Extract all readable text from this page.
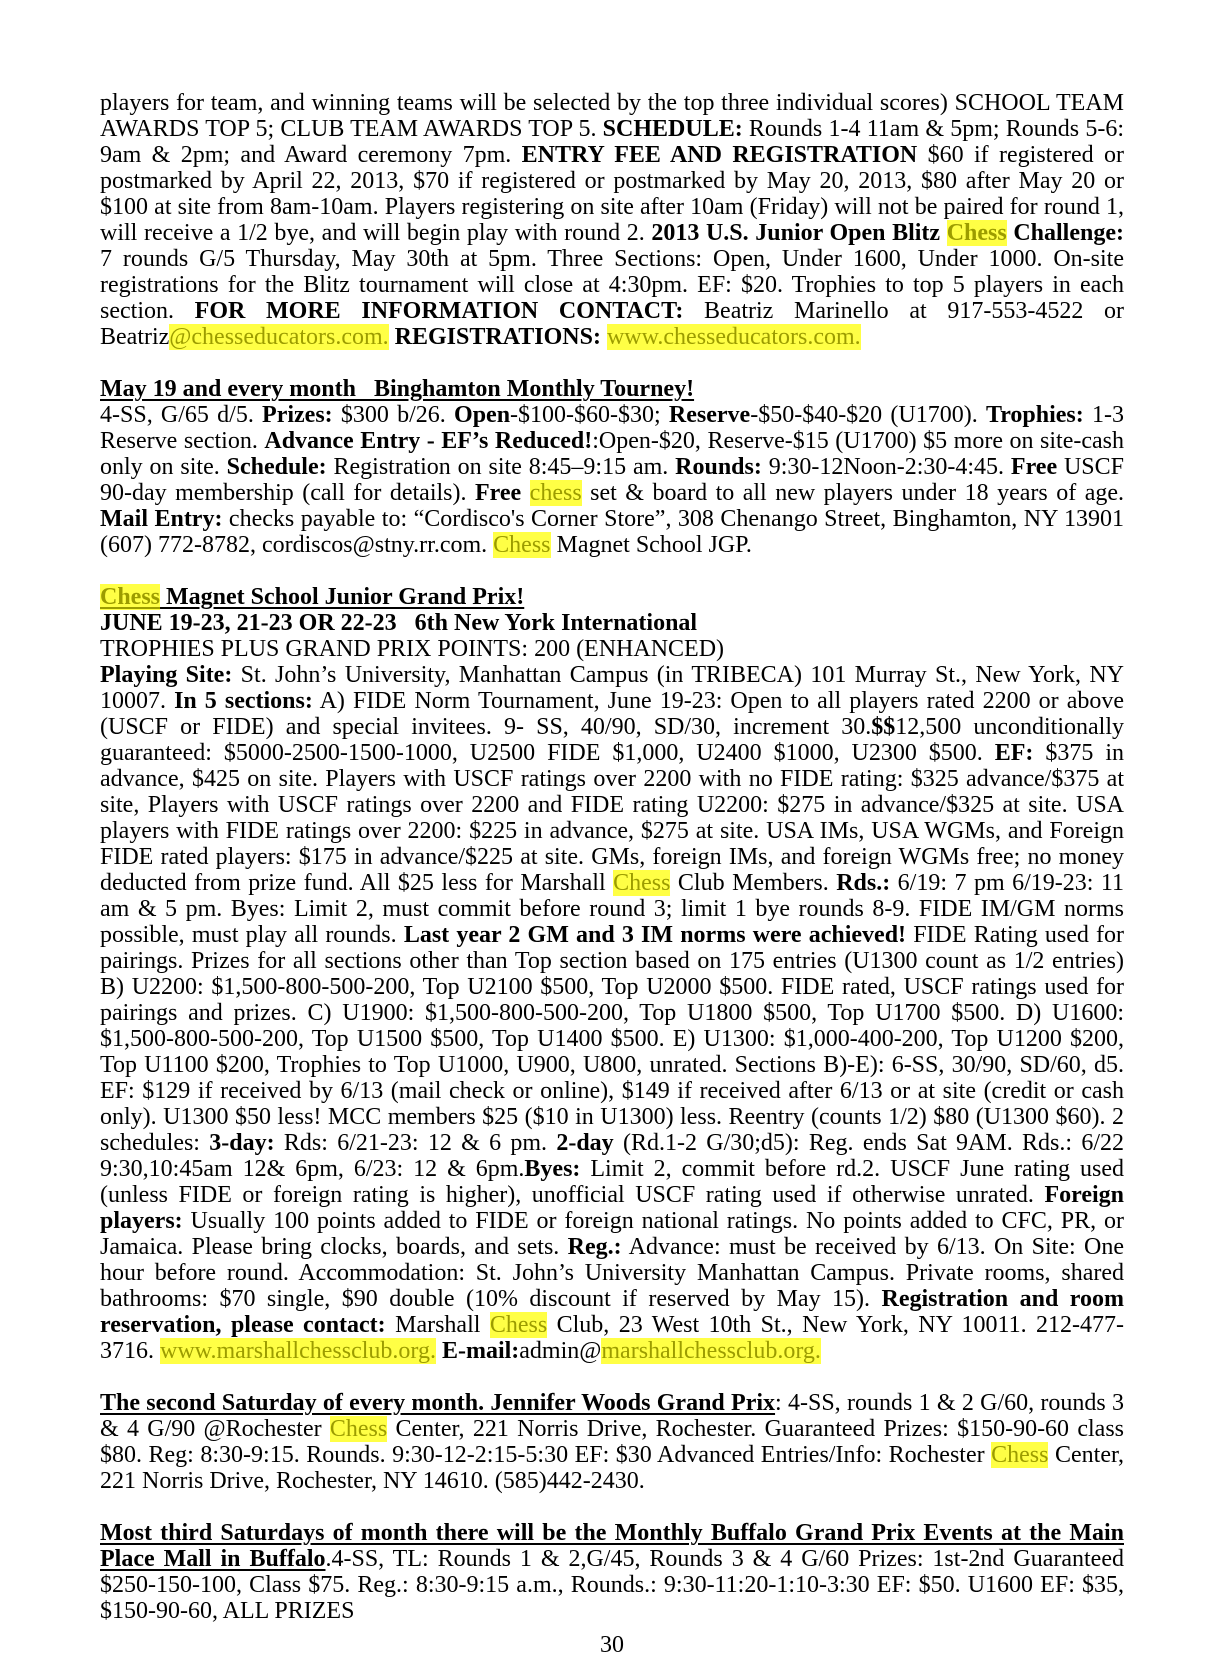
players for team, and winning teams will be selected by the top three individual scores) SCHOOL TEAM AWARDS TOP 5; CLUB TEAM AWARDS TOP 5. SCHEDULE: Rounds 1-4 11am & 5pm; Rounds 5-6: 9am & 2pm; and Award ceremony 7pm. ENTRY FEE AND REGISTRATION $60 if registered or postmarked by April 22, 2013, $70 if registered or postmarked by May 20, 2013, $80 after May 20 or $100 at site from 8am-10am. Players registering on site after 10am (Friday) will not be paired for round 1, will receive a 1/2 bye, and will begin play with round 2. 2013 U.S. Junior Open Blitz Chess Challenge: 7 rounds G/5 Thursday, May 30th at 5pm. Three Sections: Open, Under 1600, Under 1000. On-site registrations for the Blitz tournament will close at 4:30pm. EF: $20. Trophies to top 5 players in each section. FOR MORE INFORMATION CONTACT: Beatriz Marinello at 917-553-4522 or Beatriz@chesseducators.com. REGISTRATIONS: www.chesseducators.com.

May 19 and every month   Binghamton Monthly Tourney!

4-SS, G/65 d/5. Prizes: $300 b/26. Open-$100-$60-$30; Reserve-$50-$40-$20 (U1700). Trophies: 1-3 Reserve section. Advance Entry - EF’s Reduced!:Open-$20, Reserve-$15 (U1700) $5 more on site-cash only on site. Schedule: Registration on site 8:45–9:15 am. Rounds: 9:30-12Noon-2:30-4:45. Free USCF 90-day membership (call for details). Free chess set & board to all new players under 18 years of age. Mail Entry: checks payable to: “Cordisco's Corner Store”, 308 Chenango Street, Binghamton, NY 13901 (607) 772-8782, cordiscos@stny.rr.com. Chess Magnet School JGP.

Chess Magnet School Junior Grand Prix!

JUNE 19-23, 21-23 OR 22-23   6th New York International

TROPHIES PLUS GRAND PRIX POINTS: 200 (ENHANCED)

Playing Site: St. John’s University, Manhattan Campus (in TRIBECA) 101 Murray St., New York, NY 10007. In 5 sections: A) FIDE Norm Tournament, June 19-23: Open to all players rated 2200 or above (USCF or FIDE) and special invitees. 9- SS, 40/90, SD/30, increment 30.$$12,500 unconditionally guaranteed: $5000-2500-1500-1000, U2500 FIDE $1,000, U2400 $1000, U2300 $500. EF: $375 in advance, $425 on site. Players with USCF ratings over 2200 with no FIDE rating: $325 advance/$375 at site, Players with USCF ratings over 2200 and FIDE rating U2200: $275 in advance/$325 at site. USA players with FIDE ratings over 2200: $225 in advance, $275 at site. USA IMs, USA WGMs, and Foreign FIDE rated players: $175 in advance/$225 at site. GMs, foreign IMs, and foreign WGMs free; no money deducted from prize fund. All $25 less for Marshall Chess Club Members. Rds.: 6/19: 7 pm 6/19-23: 11 am & 5 pm. Byes: Limit 2, must commit before round 3; limit 1 bye rounds 8-9. FIDE IM/GM norms possible, must play all rounds. Last year 2 GM and 3 IM norms were achieved! FIDE Rating used for pairings. Prizes for all sections other than Top section based on 175 entries (U1300 count as 1/2 entries) B) U2200: $1,500-800-500-200, Top U2100 $500, Top U2000 $500. FIDE rated, USCF ratings used for pairings and prizes. C) U1900: $1,500-800-500-200, Top U1800 $500, Top U1700 $500. D) U1600: $1,500-800-500-200, Top U1500 $500, Top U1400 $500. E) U1300: $1,000-400-200, Top U1200 $200, Top U1100 $200, Trophies to Top U1000, U900, U800, unrated. Sections B)-E): 6-SS, 30/90, SD/60, d5. EF: $129 if received by 6/13 (mail check or online), $149 if received after 6/13 or at site (credit or cash only). U1300 $50 less! MCC members $25 ($10 in U1300) less. Reentry (counts 1/2) $80 (U1300 $60). 2 schedules: 3-day: Rds: 6/21-23: 12 & 6 pm. 2-day (Rd.1-2 G/30;d5): Reg. ends Sat 9AM. Rds.: 6/22 9:30,10:45am 12& 6pm, 6/23: 12 & 6pm.Byes: Limit 2, commit before rd.2. USCF June rating used (unless FIDE or foreign rating is higher), unofficial USCF rating used if otherwise unrated. Foreign players: Usually 100 points added to FIDE or foreign national ratings. No points added to CFC, PR, or Jamaica. Please bring clocks, boards, and sets. Reg.: Advance: must be received by 6/13. On Site: One hour before round. Accommodation: St. John’s University Manhattan Campus. Private rooms, shared bathrooms: $70 single, $90 double (10% discount if reserved by May 15). Registration and room reservation, please contact: Marshall Chess Club, 23 West 10th St., New York, NY 10011. 212-477-3716. www.marshallchessclub.org. E-mail:admin@marshallchessclub.org.

The second Saturday of every month. Jennifer Woods Grand Prix: 4-SS, rounds 1 & 2 G/60, rounds 3 & 4 G/90 @Rochester Chess Center, 221 Norris Drive, Rochester. Guaranteed Prizes: $150-90-60 class $80. Reg: 8:30-9:15. Rounds. 9:30-12-2:15-5:30 EF: $30 Advanced Entries/Info: Rochester Chess Center, 221 Norris Drive, Rochester, NY 14610. (585)442-2430.

Most third Saturdays of month there will be the Monthly Buffalo Grand Prix Events at the Main Place Mall in Buffalo.4-SS, TL: Rounds 1 & 2,G/45, Rounds 3 & 4 G/60 Prizes: 1st-2nd Guaranteed $250-150-100, Class $75. Reg.: 8:30-9:15 a.m., Rounds.: 9:30-11:20-1:10-3:30 EF: $50. U1600 EF: $35, $150-90-60, ALL PRIZES

30
